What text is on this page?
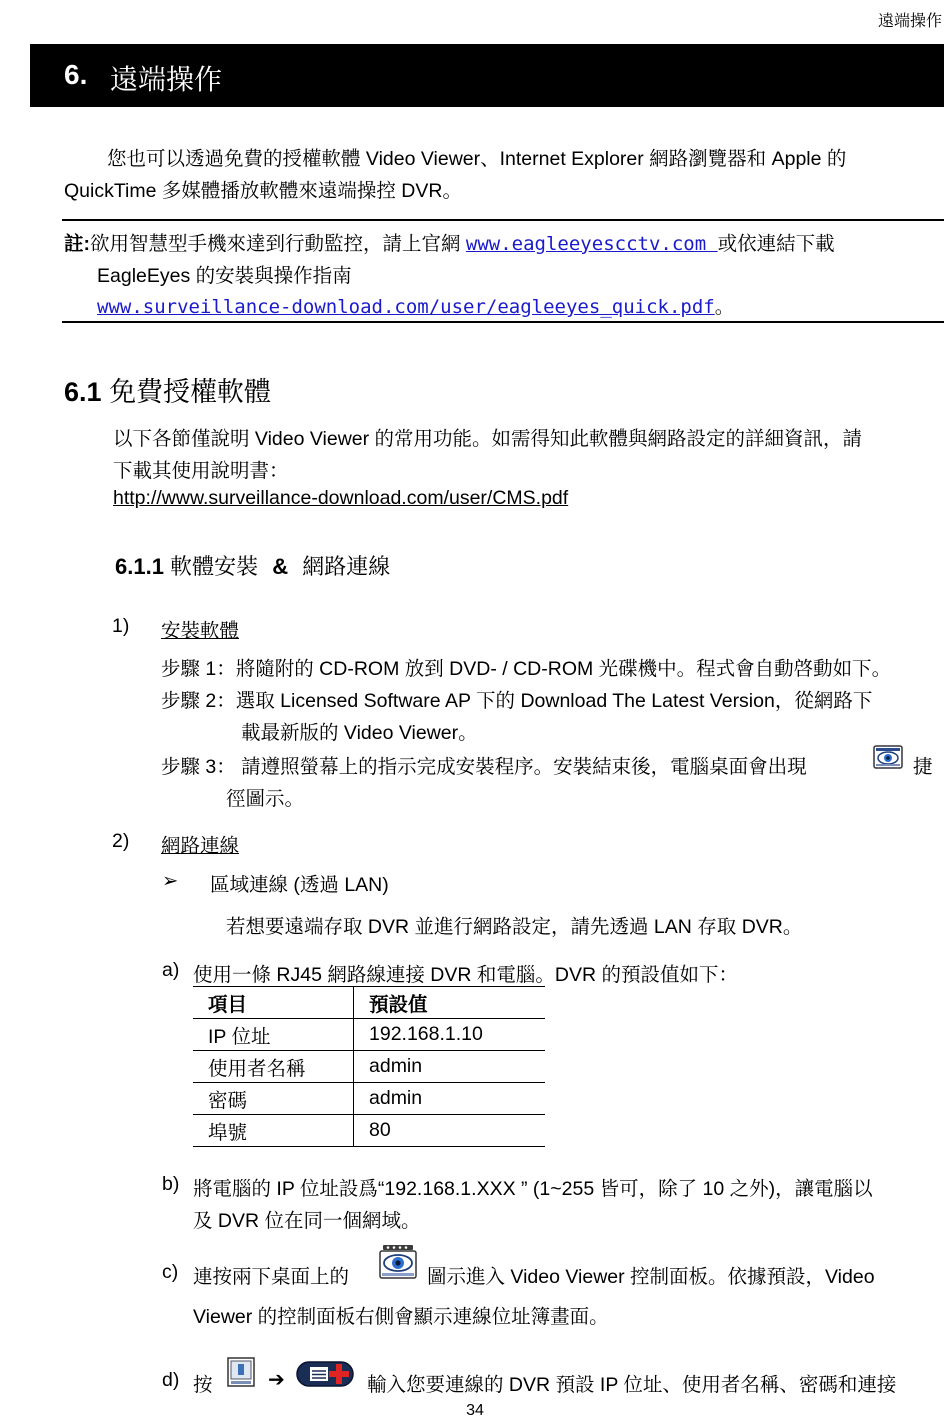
遠端操作
6. 遠端操作
您也可以透過免費的授權軟體 Video Viewer、Internet Explorer 網路瀏覽器和 Apple 的
QuickTime 多媒體播放軟體來遠端操控 DVR。
註:欲用智慧型手機來達到行動監控，請上官網 www.eagleeyescctv.com 或依連結下載
EagleEyes 的安裝與操作指南
www.surveillance-download.com/user/eagleeyes_quick.pdf。
6.1 免費授權軟體
以下各節僅說明 Video Viewer 的常用功能。如需得知此軟體與網路設定的詳細資訊，請
下載其使用說明書：
http://www.surveillance-download.com/user/CMS.pdf
6.1.1 軟體安裝 & 網路連線
1) 安裝軟體
步驟 1：將隨附的 CD-ROM 放到 DVD- / CD-ROM 光碟機中。程式會自動啓動如下。
步驟 2：選取 Licensed Software AP 下的 Download The Latest Version，從網路下
載最新版的 Video Viewer。
步驟 3： 請遵照螢幕上的指示完成安裝程序。安裝結束後，電腦桌面會出現	捷
徑圖示。
2) 網路連線
➢ 區域連線 (透過 LAN)
若想要遠端存取 DVR 並進行網路設定，請先透過 LAN 存取 DVR。
a) 使用一條 RJ45 網路線連接 DVR 和電腦。DVR 的預設值如下：
項目	預設值
IP 位址	192.168.1.10
使用者名稱	admin
密碼	admin
埠號	80
b) 將電腦的 IP 位址設爲“192.168.1.XXX ” (1~255 皆可，除了 10 之外)，讓電腦以
及 DVR 位在同一個網域。
c) 連按兩下桌面上的	圖示進入 Video Viewer 控制面板。依據預設，Video
Viewer 的控制面板右側會顯示連線位址簿畫面。
d) 按	➔	輸入您要連線的 DVR 預設 IP 位址、使用者名稱、密碼和連接
34
